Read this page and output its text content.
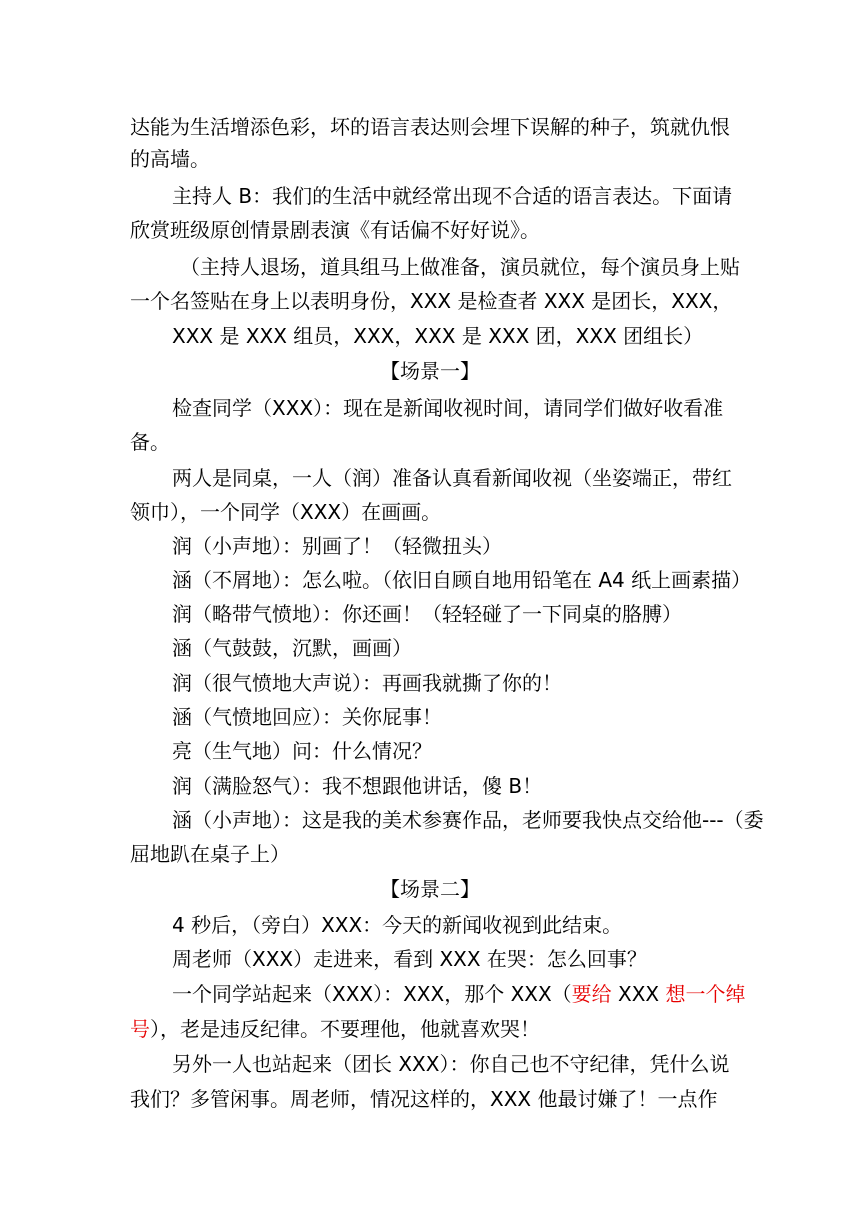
达能为生活增添色彩，坏的语言表达则会埋下误解的种子，筑就仇恨
的高墙。
主持人 B：我们的生活中就经常出现不合适的语言表达。下面请
欣赏班级原创情景剧表演《有话偏不好好说》。
（主持人退场，道具组马上做准备，演员就位，每个演员身上贴
一个名签贴在身上以表明身份，XXX 是检查者 XXX 是团长，XXX，
XXX 是 XXX 组员，XXX，XXX 是 XXX 团，XXX 团组长）
【场景一】
检查同学（XXX）：现在是新闻收视时间，请同学们做好收看准
备。
两人是同桌，一人（润）准备认真看新闻收视（坐姿端正，带红
领巾），一个同学（XXX）在画画。
润（小声地）：别画了！（轻微扭头）
涵（不屑地）：怎么啦。（依旧自顾自地用铅笔在 A4 纸上画素描）
润（略带气愤地）：你还画！（轻轻碰了一下同桌的胳膊）
涵（气鼓鼓，沉默，画画）
润（很气愤地大声说）：再画我就撕了你的！
涵（气愤地回应）：关你屁事！
亮（生气地）问：什么情况？
润（满脸怒气）：我不想跟他讲话，傻 B！
涵（小声地）：这是我的美术参赛作品，老师要我快点交给他---（委
屈地趴在桌子上）
【场景二】
4 秒后，（旁白）XXX：今天的新闻收视到此结束。
周老师（XXX）走进来，看到 XXX 在哭：怎么回事？
一个同学站起来（XXX）：XXX，那个 XXX（要给 XXX 想一个绰
号），老是违反纪律。不要理他，他就喜欢哭！
另外一人也站起来（团长 XXX）：你自己也不守纪律，凭什么说
我们？多管闲事。周老师，情况这样的，XXX 他最讨嫌了！一点作
